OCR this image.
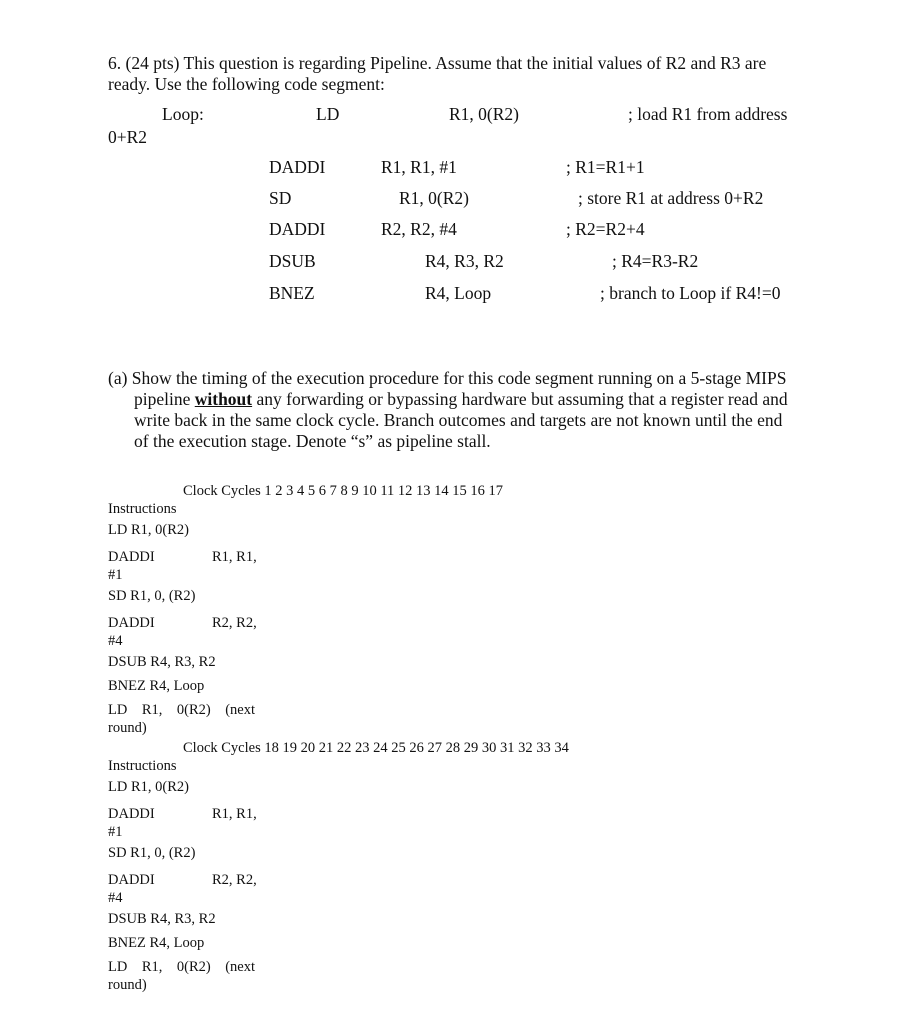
6. (24 pts) This question is regarding Pipeline. Assume that the initial values of R2 and R3 are
ready. Use the following code segment:
Loop:	LD	R1, 0(R2)	; load R1 from address
0+R2
DADDI	R1, R1, #1	; R1=R1+1
SD	R1, 0(R2)	; store R1 at address 0+R2
DADDI	R2, R2, #4	; R2=R2+4
DSUB	R4, R3, R2	; R4=R3-R2
BNEZ	R4, Loop	; branch to Loop if R4!=0
(a) Show the timing of the execution procedure for this code segment running on a 5-stage MIPS

pipeline without any forwarding or bypassing hardware but assuming that a register read and
write back in the same clock cycle. Branch outcomes and targets are not known until the end
of the execution stage. Denote “s” as pipeline stall.
Clock Cycles 1 2 3 4 5 6 7 8 9 10 11 12 13 14 15 16 17
Instructions
LD R1, 0(R2)
DADDI	R1, R1,
#1
SD R1, 0, (R2)
DADDI	R2, R2,
#4
DSUB R4, R3, R2
BNEZ R4, Loop
LD    R1,    0(R2)    (next
round)
Clock Cycles 18 19 20 21 22 23 24 25 26 27 28 29 30 31 32 33 34
Instructions
LD R1, 0(R2)
DADDI	R1, R1,
#1
SD R1, 0, (R2)
DADDI	R2, R2,
#4
DSUB R4, R3, R2
BNEZ R4, Loop
LD    R1,    0(R2)    (next
round)
